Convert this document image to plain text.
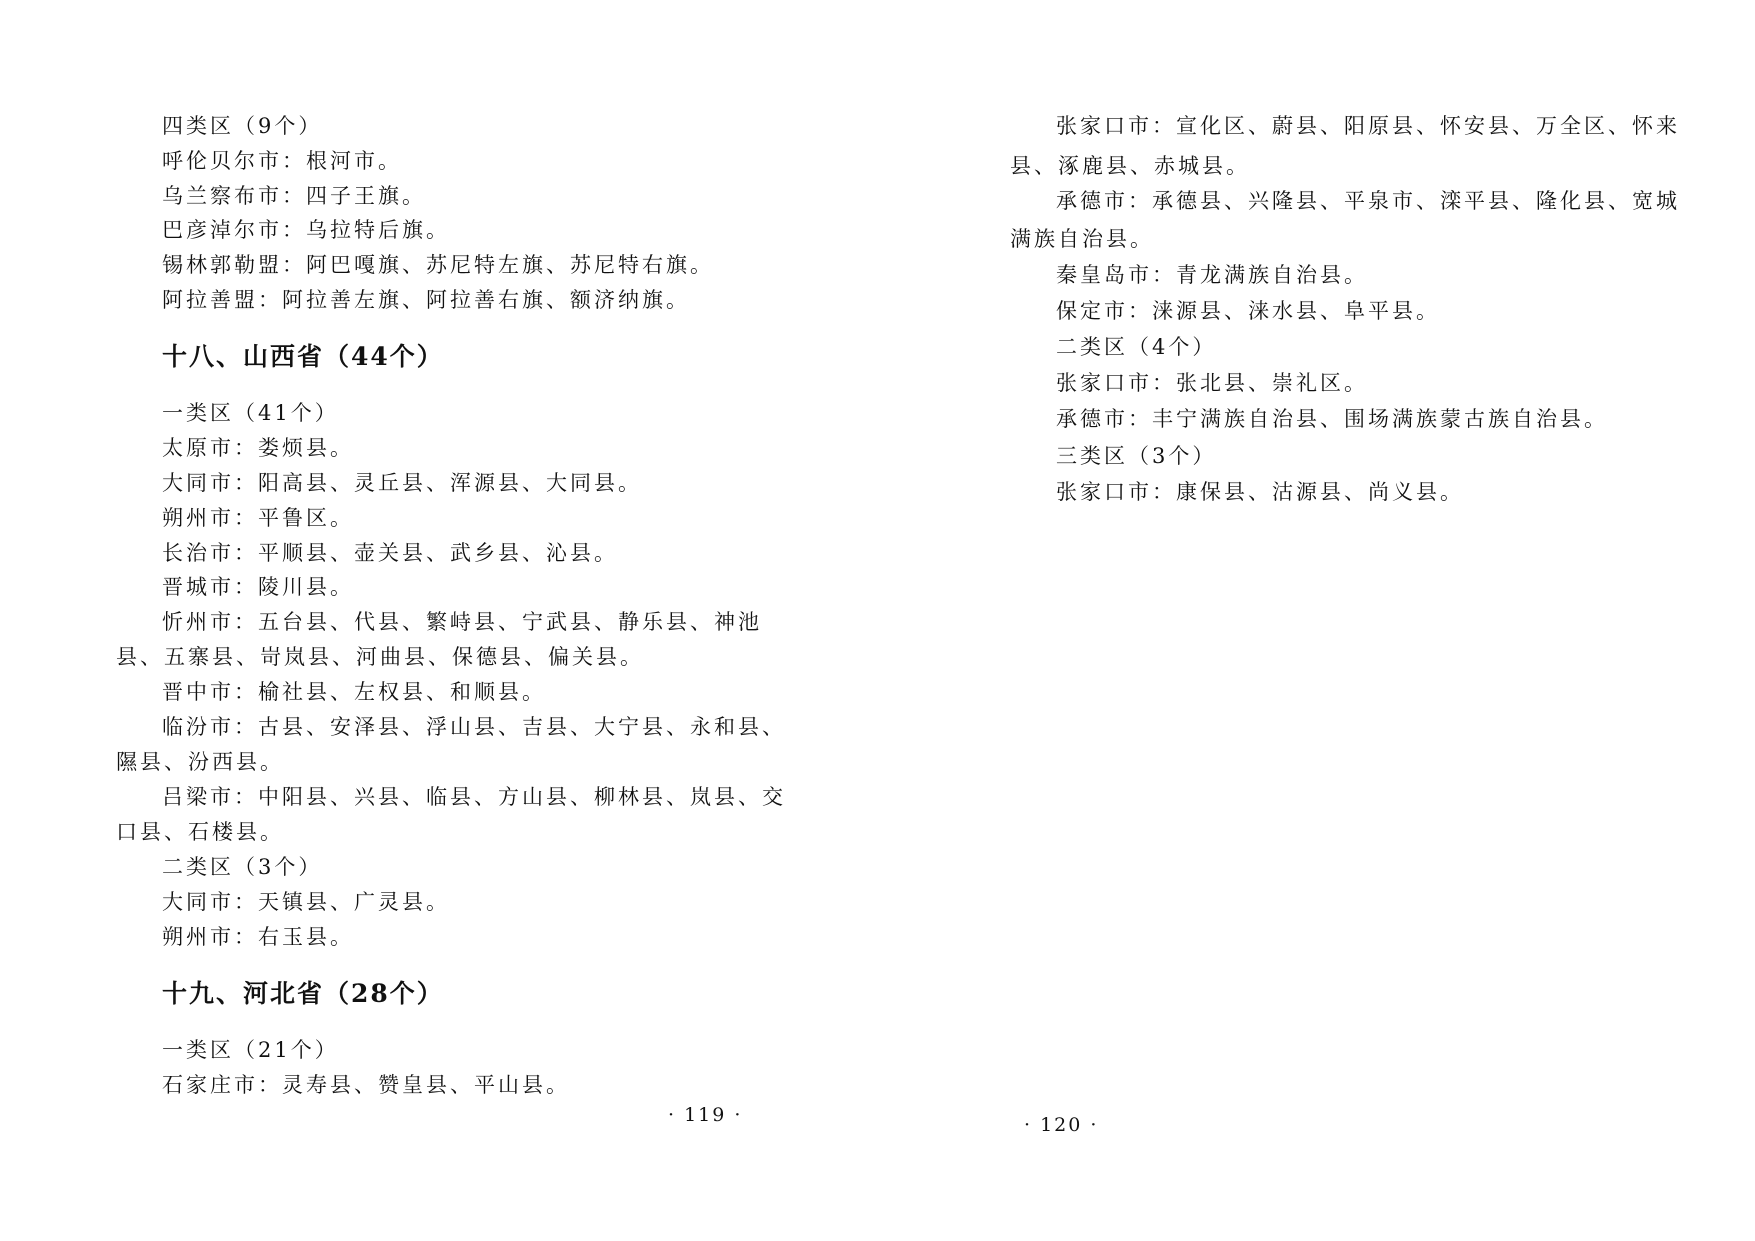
四类区（9个）
呼伦贝尔市：根河市。
乌兰察布市：四子王旗。
巴彦淖尔市：乌拉特后旗。
锡林郭勒盟：阿巴嘎旗、苏尼特左旗、苏尼特右旗。
阿拉善盟：阿拉善左旗、阿拉善右旗、额济纳旗。
十八、山西省（44个）
一类区（41个）
太原市：娄烦县。
大同市：阳高县、灵丘县、浑源县、大同县。
朔州市：平鲁区。
长治市：平顺县、壶关县、武乡县、沁县。
晋城市：陵川县。
忻州市：五台县、代县、繁峙县、宁武县、静乐县、神池
县、五寨县、岢岚县、河曲县、保德县、偏关县。
晋中市：榆社县、左权县、和顺县。
临汾市：古县、安泽县、浮山县、吉县、大宁县、永和县、
隰县、汾西县。
吕梁市：中阳县、兴县、临县、方山县、柳林县、岚县、交
口县、石楼县。
二类区（3个）
大同市：天镇县、广灵县。
朔州市：右玉县。
十九、河北省（28个）
一类区（21个）
石家庄市：灵寿县、赞皇县、平山县。
· 119 ·
张家口市：宣化区、蔚县、阳原县、怀安县、万全区、怀来
县、涿鹿县、赤城县。
承德市：承德县、兴隆县、平泉市、滦平县、隆化县、宽城
满族自治县。
秦皇岛市：青龙满族自治县。
保定市：涞源县、涞水县、阜平县。
二类区（4个）
张家口市：张北县、崇礼区。
承德市：丰宁满族自治县、围场满族蒙古族自治县。
三类区（3个）
张家口市：康保县、沽源县、尚义县。
· 120 ·
